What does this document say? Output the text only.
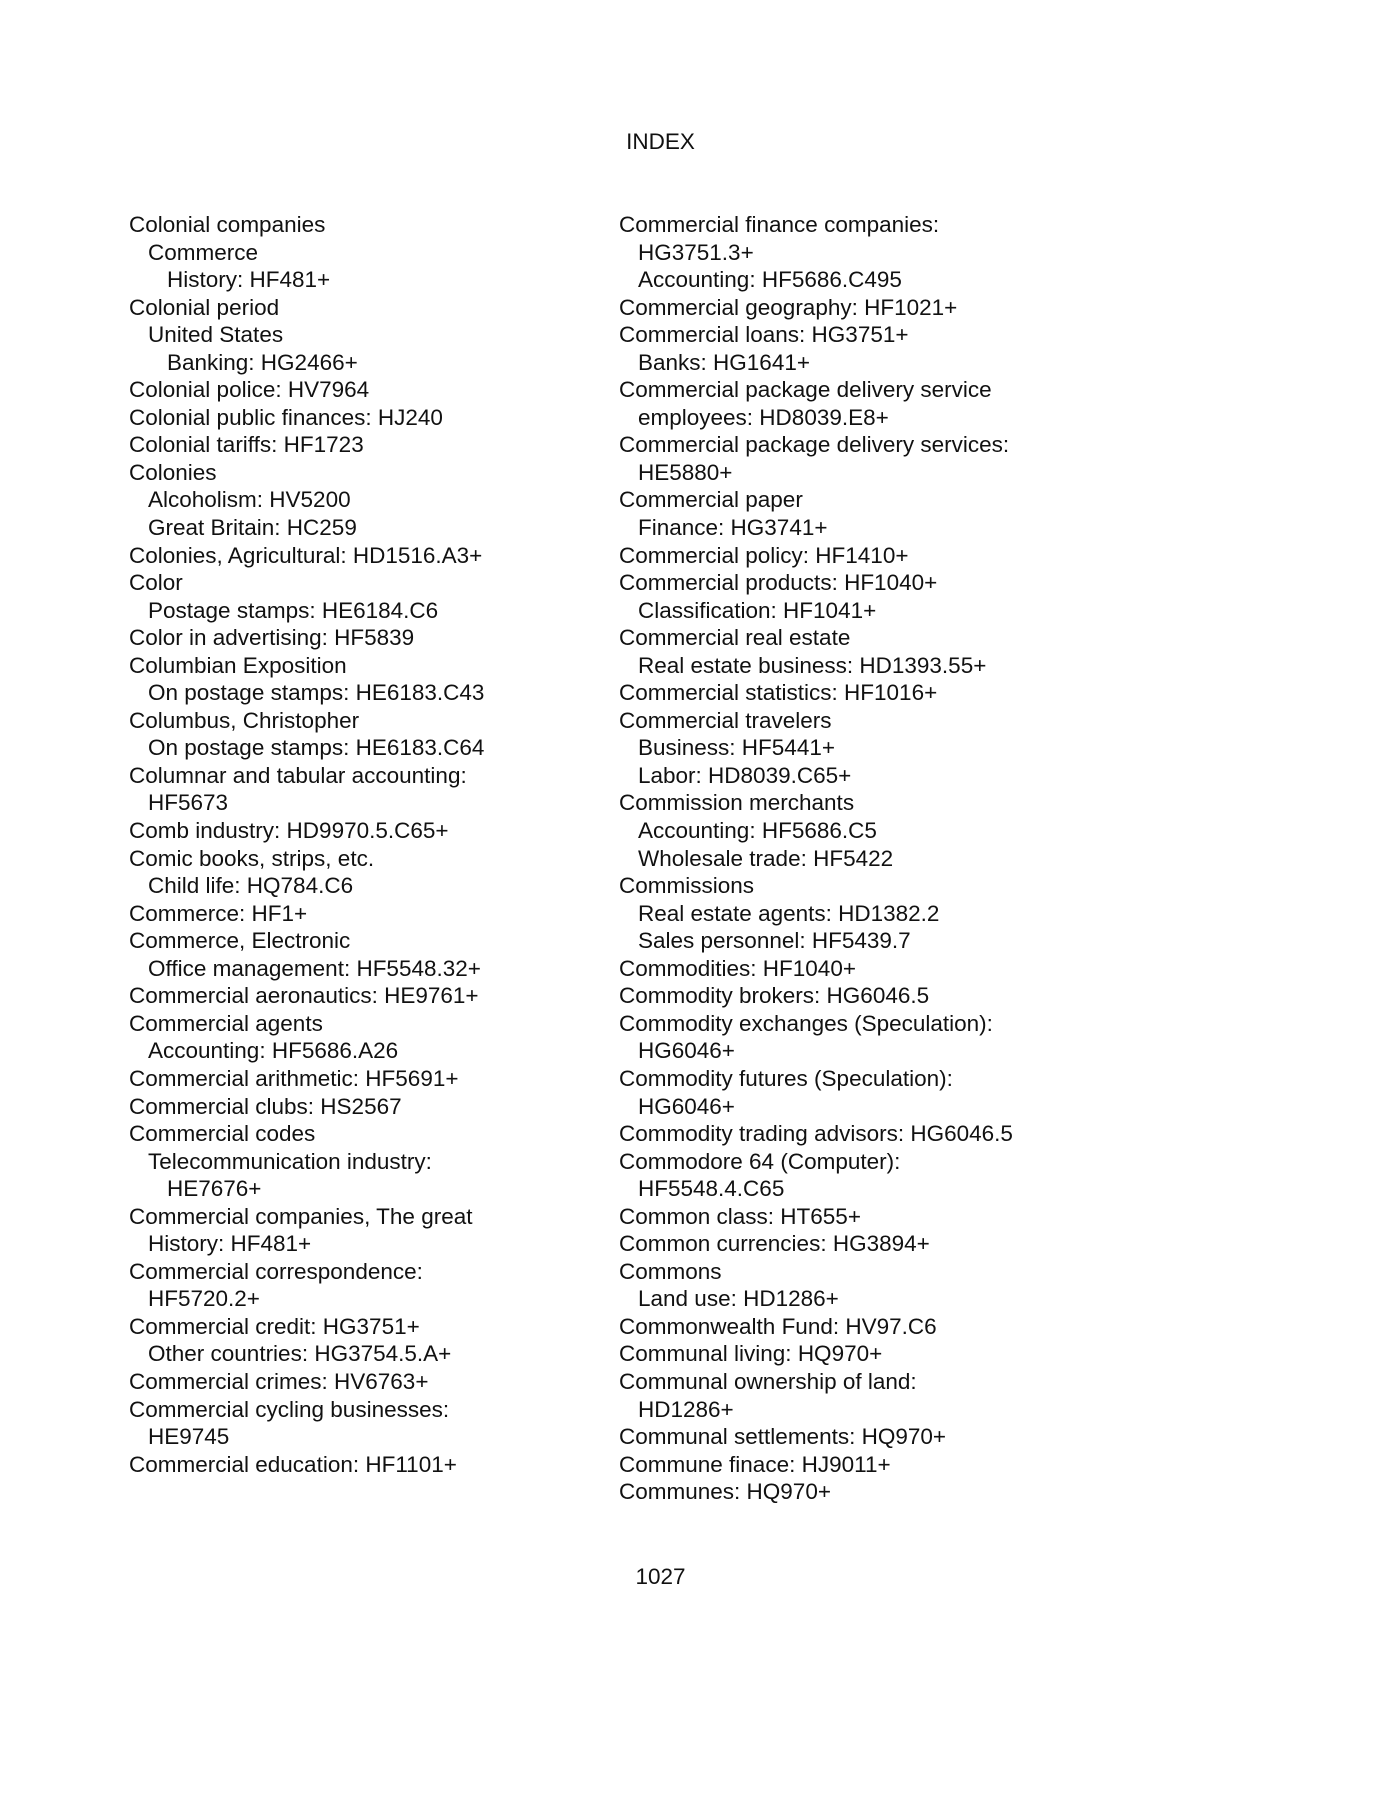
INDEX
Colonial companies
Commerce
History: HF481+
Colonial period
United States
Banking: HG2466+
Colonial police: HV7964
Colonial public finances: HJ240
Colonial tariffs: HF1723
Colonies
Alcoholism: HV5200
Great Britain: HC259
Colonies, Agricultural: HD1516.A3+
Color
Postage stamps: HE6184.C6
Color in advertising: HF5839
Columbian Exposition
On postage stamps: HE6183.C43
Columbus, Christopher
On postage stamps: HE6183.C64
Columnar and tabular accounting:
HF5673
Comb industry: HD9970.5.C65+
Comic books, strips, etc.
Child life: HQ784.C6
Commerce: HF1+
Commerce, Electronic
Office management: HF5548.32+
Commercial aeronautics: HE9761+
Commercial agents
Accounting: HF5686.A26
Commercial arithmetic: HF5691+
Commercial clubs: HS2567
Commercial codes
Telecommunication industry:
HE7676+
Commercial companies, The great
History: HF481+
Commercial correspondence:
HF5720.2+
Commercial credit: HG3751+
Other countries: HG3754.5.A+
Commercial crimes: HV6763+
Commercial cycling businesses:
HE9745
Commercial education: HF1101+
Commercial finance companies:
HG3751.3+
Accounting: HF5686.C495
Commercial geography: HF1021+
Commercial loans: HG3751+
Banks: HG1641+
Commercial package delivery service
employees: HD8039.E8+
Commercial package delivery services:
HE5880+
Commercial paper
Finance: HG3741+
Commercial policy: HF1410+
Commercial products: HF1040+
Classification: HF1041+
Commercial real estate
Real estate business: HD1393.55+
Commercial statistics: HF1016+
Commercial travelers
Business: HF5441+
Labor: HD8039.C65+
Commission merchants
Accounting: HF5686.C5
Wholesale trade: HF5422
Commissions
Real estate agents: HD1382.2
Sales personnel: HF5439.7
Commodities: HF1040+
Commodity brokers: HG6046.5
Commodity exchanges (Speculation):
HG6046+
Commodity futures (Speculation):
HG6046+
Commodity trading advisors: HG6046.5
Commodore 64 (Computer):
HF5548.4.C65
Common class: HT655+
Common currencies: HG3894+
Commons
Land use: HD1286+
Commonwealth Fund: HV97.C6
Communal living: HQ970+
Communal ownership of land:
HD1286+
Communal settlements: HQ970+
Commune finace: HJ9011+
Communes: HQ970+
1027
